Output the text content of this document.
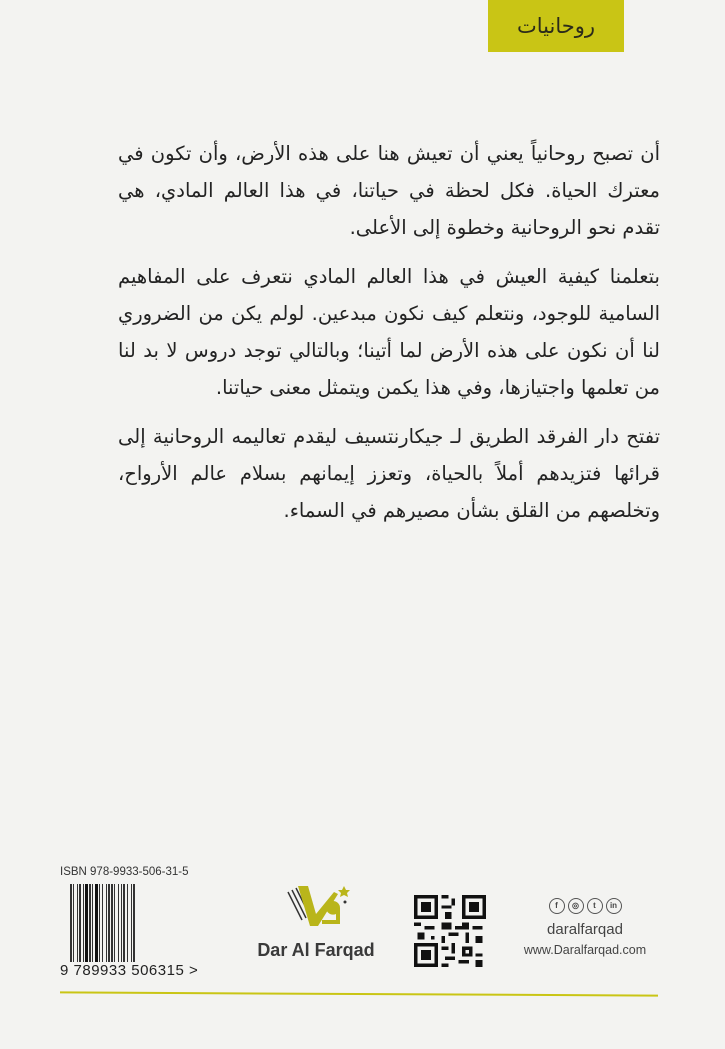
روحانيات

أن تصبح روحانياً يعني أن تعيش هنا على هذه الأرض، وأن تكون في معترك الحياة. فكل لحظة في حياتنا، في هذا العالم المادي، هي تقدم نحو الروحانية وخطوة إلى الأعلى.

بتعلمنا كيفية العيش في هذا العالم المادي نتعرف على المفاهيم السامية للوجود، ونتعلم كيف نكون مبدعين. لولم يكن من الضروري لنا أن نكون على هذه الأرض لما أتينا؛ وبالتالي توجد دروس لا بد لنا من تعلمها واجتيازها، وفي هذا يكمن ويتمثل معنى حياتنا.

تفتح دار الفرقد الطريق لـ جيكارنتسيف ليقدم تعاليمه الروحانية إلى قرائها فتزيدهم أملاً بالحياة، وتعزز إيمانهم بسلام عالم الأرواح، وتخلصهم من القلق بشأن مصيرهم في السماء.

ISBN 978-9933-506-31-5
9 789933 506315 >
Dar Al Farqad
f	◎	t	in
daralfarqad
www.Daralfarqad.com
